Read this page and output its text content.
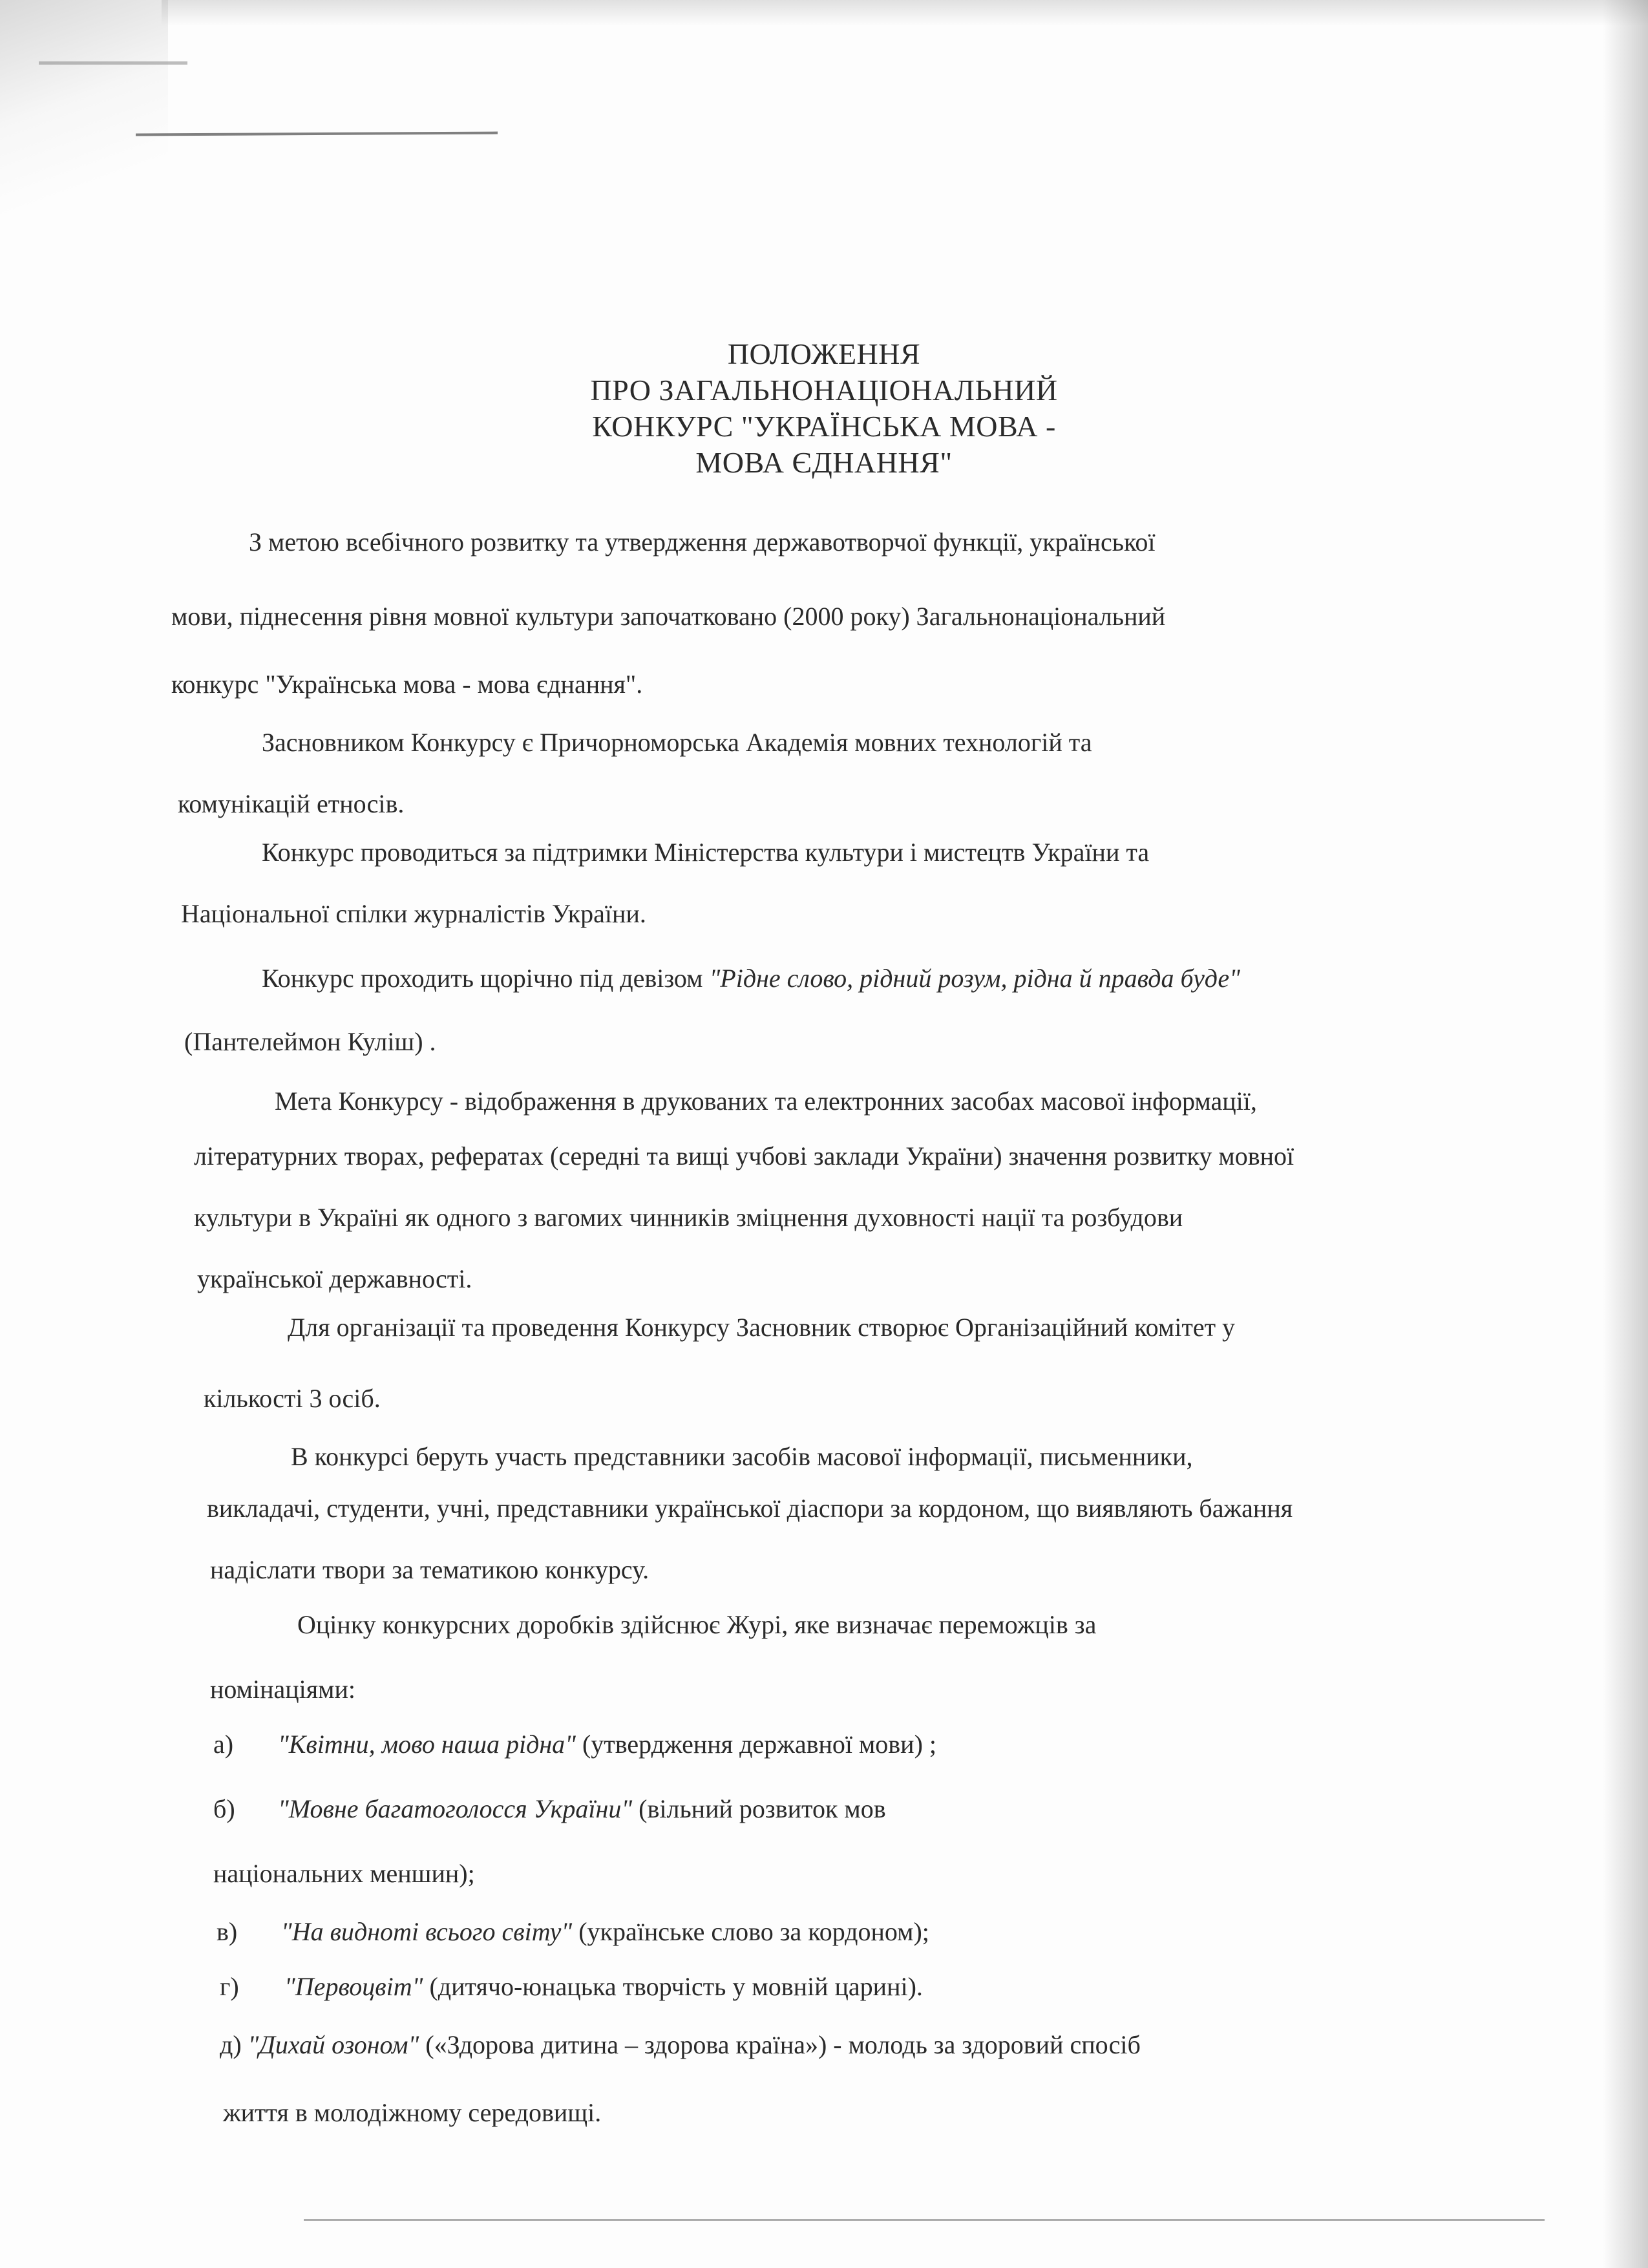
ПОЛОЖЕННЯ
ПРО ЗАГАЛЬНОНАЦІОНАЛЬНИЙ
КОНКУРС "УКРАЇНСЬКА МОВА -
МОВА ЄДНАННЯ"
З метою всебічного розвитку та утвердження державотворчої функції, української
мови, піднесення рівня мовної культури започатковано (2000 року) Загальнонаціональний
конкурс "Українська мова - мова єднання".
Засновником Конкурсу є Причорноморська Академія мовних технологій та
комунікацій етносів.
Конкурс проводиться за підтримки Міністерства культури і мистецтв України та
Національної спілки журналістів України.
Конкурс проходить щорічно під девізом "Рідне слово, рідний розум, рідна й правда буде"
(Пантелеймон Куліш) .
Мета Конкурсу - відображення в друкованих та електронних засобах масової інформації,
літературних творах, рефератах (середні та вищі учбові заклади України) значення розвитку мовної
культури в Україні як одного з вагомих чинників зміцнення духовності нації та розбудови
української державності.
Для організації та проведення Конкурсу Засновник створює Організаційний комітет у
кількості 3 осіб.
В конкурсі беруть участь представники засобів масової інформації, письменники,
викладачі, студенти, учні, представники української діаспори за кордоном, що виявляють бажання
надіслати твори за тематикою конкурсу.
Оцінку конкурсних доробків здійснює Журі, яке визначає переможців за
номінаціями:
а) "Квітни, мово наша рідна" (утвердження державної мови) ;
б) "Мовне багатоголосся України" (вільний розвиток мов
національних меншин);
в) "На виднoті всього світу" (українське слово за кордоном);
г) "Первоцвіт" (дитячо-юнацька творчість у мовній царині).
д) "Дихай озоном" («Здорова дитина – здорова країна») - молодь за здоровий спосіб
життя в молодіжному середовищі.
